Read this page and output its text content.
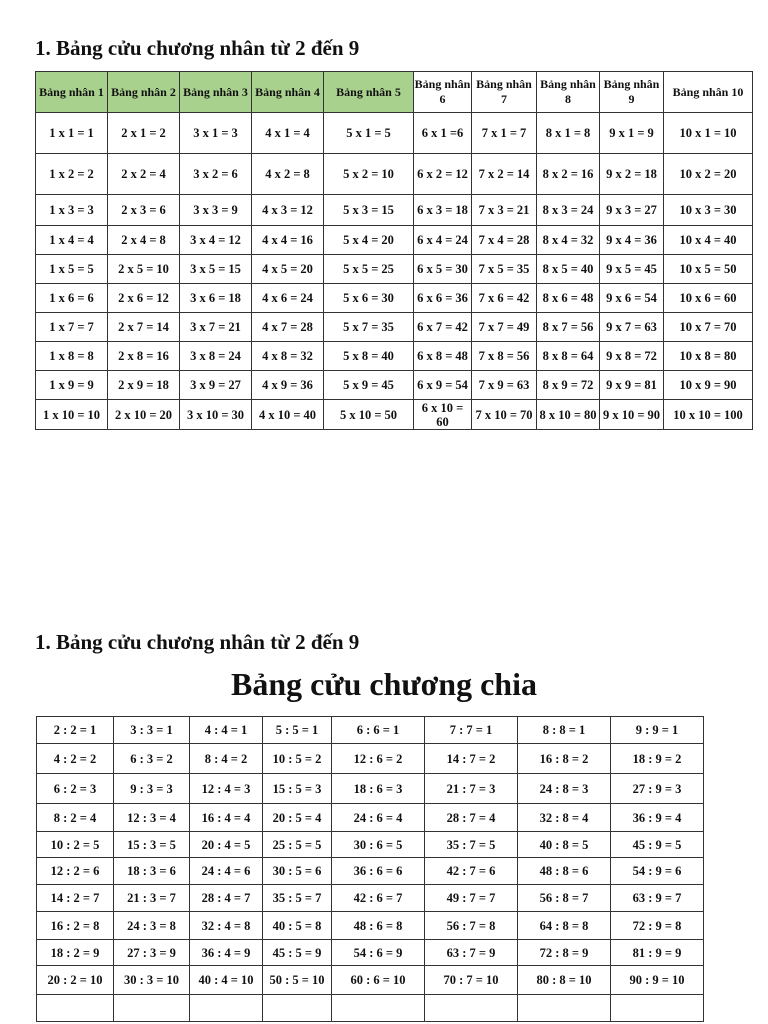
1. Bảng cửu chương nhân từ 2 đến 9
Bảng nhân 1	Bảng nhân 2	Bảng nhân 3	Bảng nhân 4	Bảng nhân 5	Bảng nhân 6	Bảng nhân 7	Bảng nhân 8	Bảng nhân 9	Bảng nhân 10
1 x 1 = 1	2 x 1 = 2	3 x 1 = 3	4 x 1 = 4	5 x 1 = 5	6 x 1 =6	7 x 1 = 7	8 x 1 = 8	9 x 1 = 9	10 x 1 = 10
1 x 2 = 2	2 x 2 = 4	3 x 2 = 6	4 x 2 = 8	5 x 2 = 10	6 x 2 = 12	7 x 2 = 14	8 x 2 = 16	9 x 2 = 18	10 x 2 = 20
1 x 3 = 3	2 x 3 = 6	3 x 3 = 9	4 x 3 = 12	5 x 3 = 15	6 x 3 = 18	7 x 3 = 21	8 x 3 = 24	9 x 3 = 27	10 x 3 = 30
1 x 4 = 4	2 x 4 = 8	3 x 4 = 12	4 x 4 = 16	5 x 4 = 20	6 x 4 = 24	7 x 4 = 28	8 x 4 = 32	9 x 4 = 36	10 x 4 = 40
1 x 5 = 5	2 x 5 = 10	3 x 5 = 15	4 x 5 = 20	5 x 5 = 25	6 x 5 = 30	7 x 5 = 35	8 x 5 = 40	9 x 5 = 45	10 x 5 = 50
1 x 6 = 6	2 x 6 = 12	3 x 6 = 18	4 x 6 = 24	5 x 6 = 30	6 x 6 = 36	7 x 6 = 42	8 x 6 = 48	9 x 6 = 54	10 x 6 = 60
1 x 7 = 7	2 x 7 = 14	3 x 7 = 21	4 x 7 = 28	5 x 7 = 35	6 x 7 = 42	7 x 7 = 49	8 x 7 = 56	9 x 7 = 63	10 x 7 = 70
1 x 8 = 8	2 x 8 = 16	3 x 8 = 24	4 x 8 = 32	5 x 8 = 40	6 x 8 = 48	7 x 8 = 56	8 x 8 = 64	9 x 8 = 72	10 x 8 = 80
1 x 9 = 9	2 x 9 = 18	3 x 9 = 27	4 x 9 = 36	5 x 9 = 45	6 x 9 = 54	7 x 9 = 63	8 x 9 = 72	9 x 9 = 81	10 x 9 = 90
1 x 10 = 10	2 x 10 = 20	3 x 10 = 30	4 x 10 = 40	5 x 10 = 50	6 x 10 = 60	7 x 10 = 70	8 x 10 = 80	9 x 10 = 90	10 x 10 = 100
1. Bảng cửu chương nhân từ 2 đến 9
Bảng cửu chương chia
2 : 2 = 1	3 : 3 = 1	4 : 4 = 1	5 : 5 = 1	6 : 6 = 1	7 : 7 = 1	8 : 8 = 1	9 : 9 = 1
4 : 2 = 2	6 : 3 = 2	8 : 4 = 2	10 : 5 = 2	12 : 6 = 2	14 : 7 = 2	16 : 8 = 2	18 : 9 = 2
6 : 2 = 3	9 : 3 = 3	12 : 4 = 3	15 : 5 = 3	18 : 6 = 3	21 : 7 = 3	24 : 8 = 3	27 : 9 = 3
8 : 2 = 4	12 : 3 = 4	16 : 4 = 4	20 : 5 = 4	24 : 6 = 4	28 : 7 = 4	32 : 8 = 4	36 : 9 = 4
10 : 2 = 5	15 : 3 = 5	20 : 4 = 5	25 : 5 = 5	30 : 6 = 5	35 : 7 = 5	40 : 8 = 5	45 : 9 = 5
12 : 2 = 6	18 : 3 = 6	24 : 4 = 6	30 : 5 = 6	36 : 6 = 6	42 : 7 = 6	48 : 8 = 6	54 : 9 = 6
14 : 2 = 7	21 : 3 = 7	28 : 4 = 7	35 : 5 = 7	42 : 6 = 7	49 : 7 = 7	56 : 8 = 7	63 : 9 = 7
16 : 2 = 8	24 : 3 = 8	32 : 4 = 8	40 : 5 = 8	48 : 6 = 8	56 : 7 = 8	64 : 8 = 8	72 : 9 = 8
18 : 2 = 9	27 : 3 = 9	36 : 4 = 9	45 : 5 = 9	54 : 6 = 9	63 : 7 = 9	72 : 8 = 9	81 : 9 = 9
20 : 2 = 10	30 : 3 = 10	40 : 4 = 10	50 : 5 = 10	60 : 6 = 10	70 : 7 = 10	80 : 8 = 10	90 : 9 = 10
